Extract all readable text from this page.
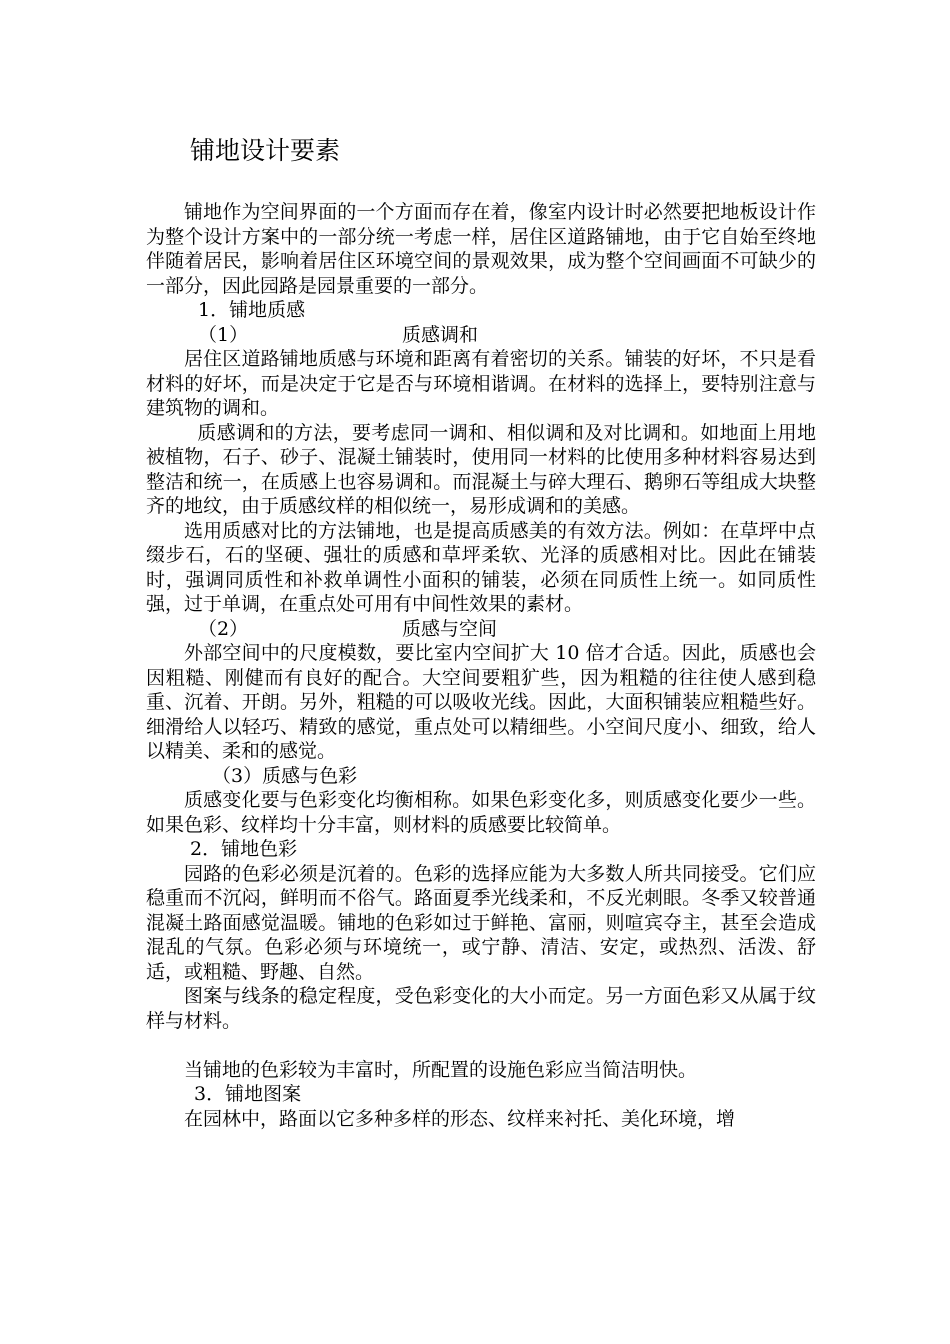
铺地设计要素

铺地作为空间界面的一个方面而存在着，像室内设计时必然要把地板设计作为整个设计方案中的一部分统一考虑一样，居住区道路铺地，由于它自始至终地伴随着居民，影响着居住区环境空间的景观效果，成为整个空间画面不可缺少的一部分，因此园路是园景重要的一部分。

1．铺地质感

（1）	质感调和

居住区道路铺地质感与环境和距离有着密切的关系。铺装的好坏，不只是看材料的好坏，而是决定于它是否与环境相谐调。在材料的选择上，要特别注意与建筑物的调和。

质感调和的方法，要考虑同一调和、相似调和及对比调和。如地面上用地被植物，石子、砂子、混凝土铺装时，使用同一材料的比使用多种材料容易达到整洁和统一，在质感上也容易调和。而混凝土与碎大理石、鹅卵石等组成大块整齐的地纹，由于质感纹样的相似统一，易形成调和的美感。

选用质感对比的方法铺地，也是提高质感美的有效方法。例如：在草坪中点缀步石，石的坚硬、强壮的质感和草坪柔软、光泽的质感相对比。因此在铺装时，强调同质性和补救单调性小面积的铺装，必须在同质性上统一。如同质性强，过于单调，在重点处可用有中间性效果的素材。

（2）	质感与空间

外部空间中的尺度模数，要比室内空间扩大 10 倍才合适。因此，质感也会因粗糙、刚健而有良好的配合。大空间要粗犷些，因为粗糙的往往使人感到稳重、沉着、开朗。另外，粗糙的可以吸收光线。因此，大面积铺装应粗糙些好。细滑给人以轻巧、精致的感觉，重点处可以精细些。小空间尺度小、细致，给人以精美、柔和的感觉。

（3）质感与色彩

质感变化要与色彩变化均衡相称。如果色彩变化多，则质感变化要少一些。如果色彩、纹样均十分丰富，则材料的质感要比较简单。

2．铺地色彩

园路的色彩必须是沉着的。色彩的选择应能为大多数人所共同接受。它们应稳重而不沉闷，鲜明而不俗气。路面夏季光线柔和，不反光刺眼。冬季又较普通混凝土路面感觉温暖。铺地的色彩如过于鲜艳、富丽，则喧宾夺主，甚至会造成混乱的气氛。色彩必须与环境统一，或宁静、清洁、安定，或热烈、活泼、舒适，或粗糙、野趣、自然。

图案与线条的稳定程度，受色彩变化的大小而定。另一方面色彩又从属于纹样与材料。

当铺地的色彩较为丰富时，所配置的设施色彩应当简洁明快。

3．铺地图案

在园林中，路面以它多种多样的形态、纹样来衬托、美化环境，增
